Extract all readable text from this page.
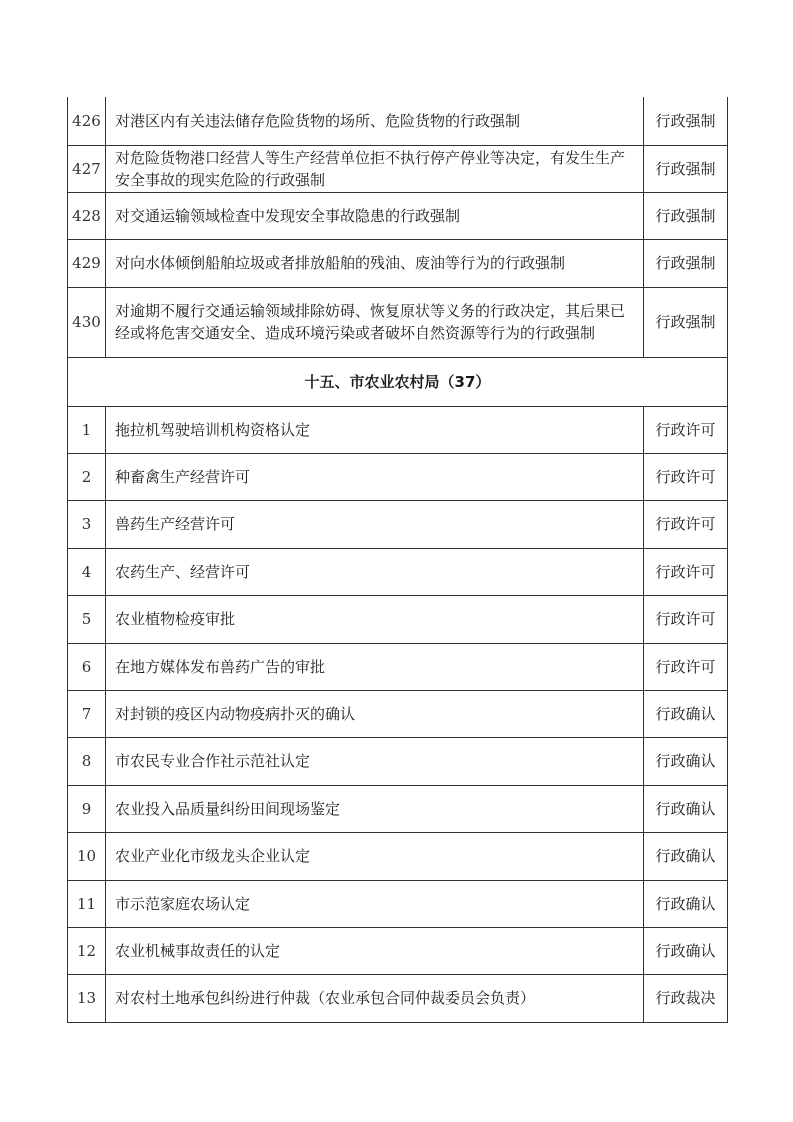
426	对港区内有关违法储存危险货物的场所、危险货物的行政强制	行政强制
427	对危险货物港口经营人等生产经营单位拒不执行停产停业等决定，有发生生产安全事故的现实危险的行政强制	行政强制
428	对交通运输领域检查中发现安全事故隐患的行政强制	行政强制
429	对向水体倾倒船舶垃圾或者排放船舶的残油、废油等行为的行政强制	行政强制
430	对逾期不履行交通运输领域排除妨碍、恢复原状等义务的行政决定，其后果已经或将危害交通安全、造成环境污染或者破坏自然资源等行为的行政强制	行政强制
十五、市农业农村局（37）		
1	拖拉机驾驶培训机构资格认定	行政许可
2	种畜禽生产经营许可	行政许可
3	兽药生产经营许可	行政许可
4	农药生产、经营许可	行政许可
5	农业植物检疫审批	行政许可
6	在地方媒体发布兽药广告的审批	行政许可
7	对封锁的疫区内动物疫病扑灭的确认	行政确认
8	市农民专业合作社示范社认定	行政确认
9	农业投入品质量纠纷田间现场鉴定	行政确认
10	农业产业化市级龙头企业认定	行政确认
11	市示范家庭农场认定	行政确认
12	农业机械事故责任的认定	行政确认
13	对农村土地承包纠纷进行仲裁（农业承包合同仲裁委员会负责）	行政裁决
